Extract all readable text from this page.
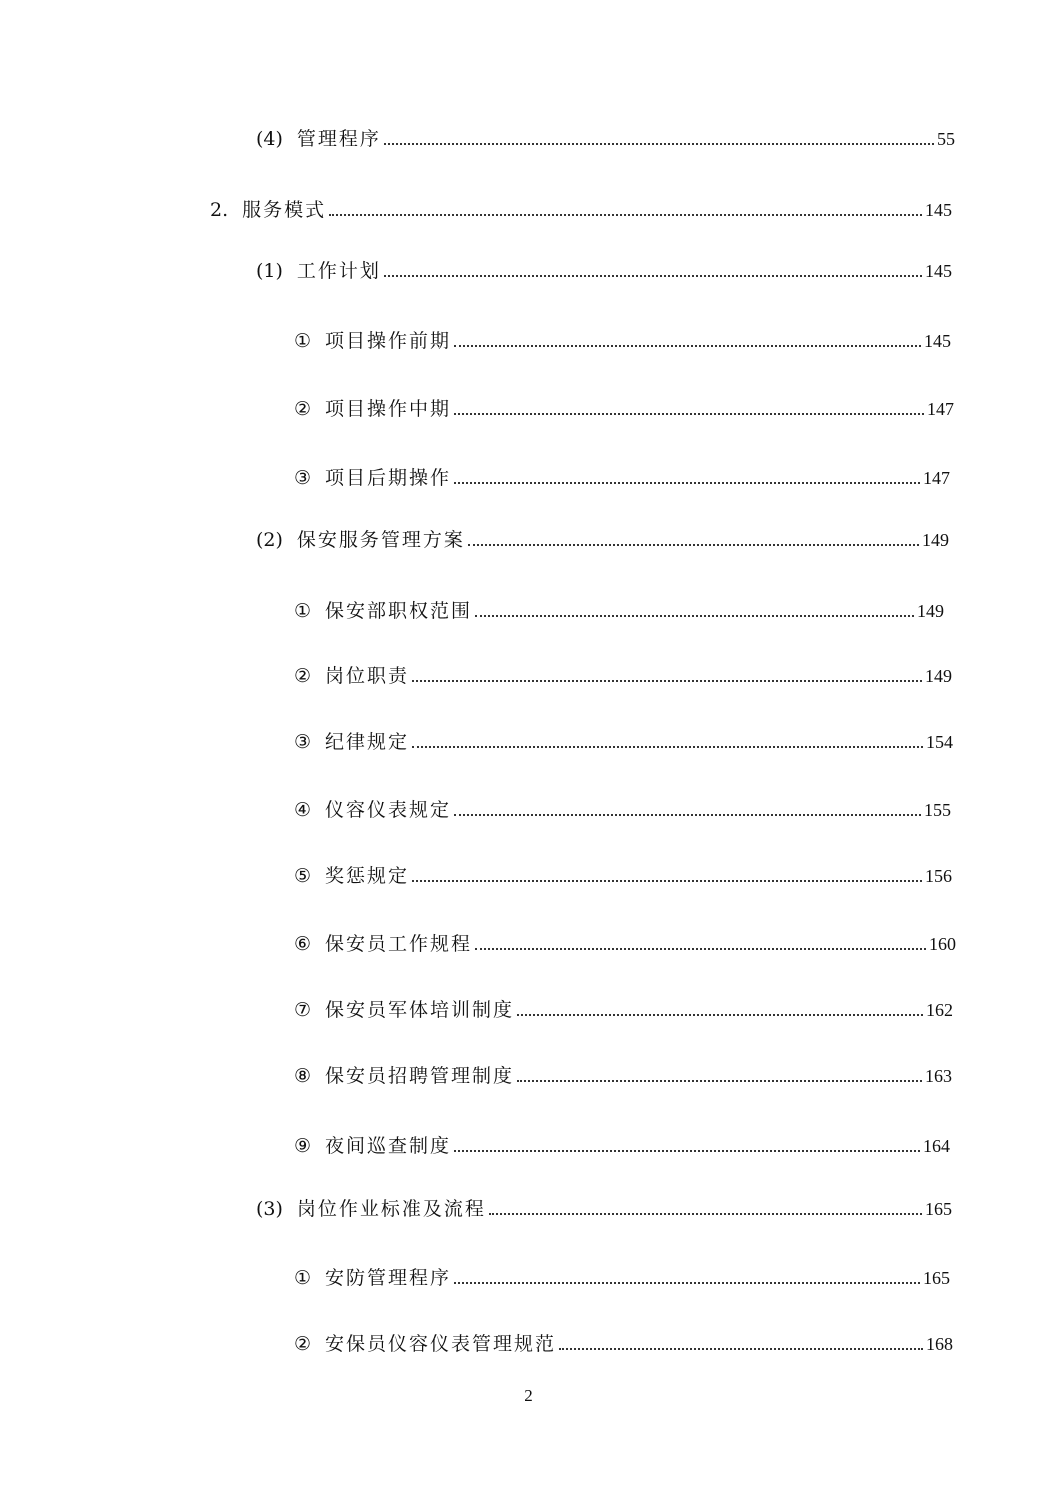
(4) 管理程序	55
2. 服务模式	145
(1) 工作计划	145
① 项目操作前期	145
② 项目操作中期	147
③ 项目后期操作	147
(2) 保安服务管理方案	149
① 保安部职权范围	149
② 岗位职责	149
③ 纪律规定	154
④ 仪容仪表规定	155
⑤ 奖惩规定	156
⑥ 保安员工作规程	160
⑦ 保安员军体培训制度	162
⑧ 保安员招聘管理制度	163
⑨ 夜间巡查制度	164
(3) 岗位作业标准及流程	165
① 安防管理程序	165
② 安保员仪容仪表管理规范	168
2
